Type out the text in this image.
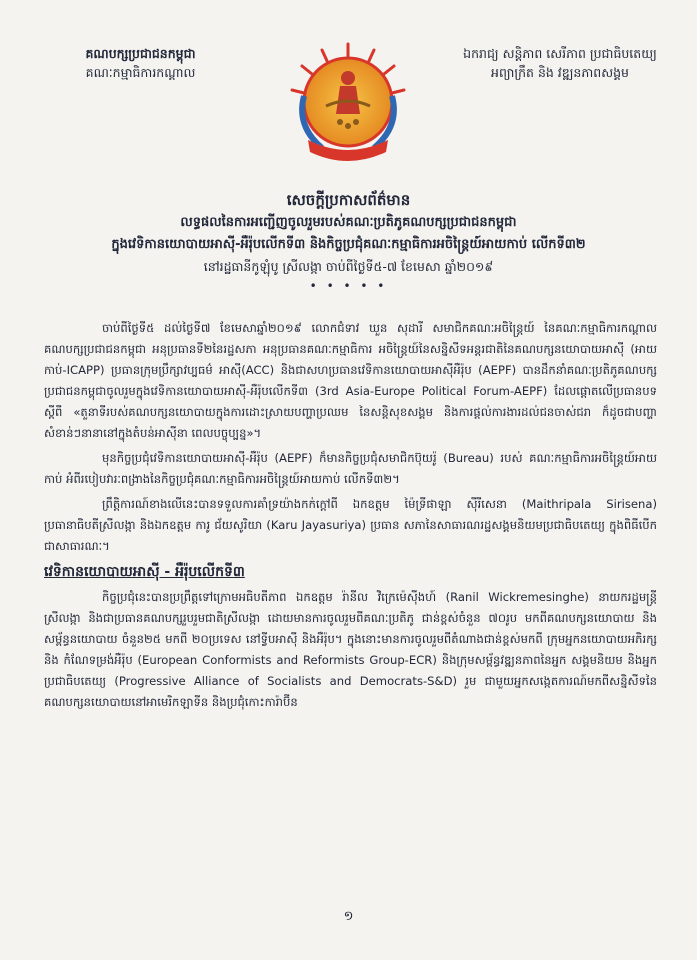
គណបក្សប្រជាជនកម្ពុជា
គណៈកម្មាធិការកណ្តាល
ឯករាជ្យ សន្តិភាព សេរីភាព ប្រជាធិបតេយ្យ
អព្យាក្រឹត និង វឌ្ឍនភាពសង្គម
សេចក្តីប្រកាសព័ត៌មាន
លទ្ធផលនៃការអញ្ជើញចូលរួមរបស់គណៈប្រតិភូគណបក្សប្រជាជនកម្ពុជា
ក្នុងវេទិកានយោបាយអាស៊ី-អឺរ៉ុបលើកទី៣ និងកិច្ចប្រជុំគណៈកម្មាធិការអចិន្ត្រៃយ៍អាយកាប់ លើកទី៣២
នៅរដ្ឋធានីកូឡុំបូ ស្រីលង្កា ចាប់ពីថ្ងៃទី៥-៧ ខែមេសា ឆ្នាំ២០១៩
• • • • •

ចាប់ពីថ្ងៃទី៥ ដល់ថ្ងៃទី៧ ខែមេសាឆ្នាំ២០១៩ លោកជំទាវ ឃួន សុដារី សមាជិកគណៈអចិន្ត្រៃយ៍ នៃគណៈកម្មាធិការកណ្តាល គណបក្សប្រជាជនកម្ពុជា អនុប្រធានទី២នៃរដ្ឋសភា អនុប្រធានគណៈកម្មាធិការ អចិន្ត្រៃយ៍នៃសន្និសីទអន្តរជាតិនៃគណបក្សនយោបាយអាស៊ី (អាយកាប់-ICAPP) ប្រធានក្រុមប្រឹក្សាវប្បធម៌ អាស៊ី(ACC) និងជាសហប្រធានវេទិកានយោបាយអាស៊ីអឺរ៉ុប (AEPF) បានដឹកនាំគណៈប្រតិភូគណបក្ស ប្រជាជនកម្ពុជាចូលរួមក្នុងវេទិកានយោបាយអាស៊ី-អឺរ៉ុបលើកទី៣ (3rd Asia-Europe Political Forum-AEPF) ដែលផ្តោតលើប្រធានបទស្តីពី «តួនាទីរបស់គណបក្សនយោបាយក្នុងការដោះស្រាយបញ្ហាប្រឈម នៃសន្តិសុខសង្គម និងការផ្តល់ការងារដល់ជនចាស់ជរា ក៏ដូចជាបញ្ហាសំខាន់ៗនានានៅក្នុងតំបន់អាស៊ីនា ពេលបច្ចុប្បន្ន»។

មុនកិច្ចប្រជុំវេទិកានយោបាយអាស៊ី-អឺរ៉ុប (AEPF) ក៏មានកិច្ចប្រជុំសមាជិកប៊ុយរ៉ូ (Bureau) របស់ គណៈកម្មាធិការអចិន្ត្រៃយ៍អាយកាប់ អំពីរបៀបវារៈពង្រាងនៃកិច្ចប្រជុំគណៈកម្មាធិការអចិន្ត្រៃយ៍អាយកាប់ លើកទី៣២។

ព្រឹត្តិការណ៍ខាងលើនេះបានទទួលការគាំទ្រយ៉ាងកក់ក្តៅពី ឯកឧត្តម ម៉ៃទ្រីផាឡា ស៊ីរីសេនា (Maithripala Sirisena) ប្រធានាធិបតីស្រីលង្កា និងឯកឧត្តម ការូ ជ័យសូរិយា (Karu Jayasuriya) ប្រធាន សភានៃសាធារណរដ្ឋសង្គមនិយមប្រជាធិបតេយ្យ ក្នុងពិធីបើកជាសាធារណៈ។

វេទិកានយោបាយអាស៊ី - អឺរ៉ុបលើកទី៣

កិច្ចប្រជុំនេះបានប្រព្រឹត្តទៅក្រោមអធិបតីភាព ឯកឧត្តម រ៉ានីល វិក្រេម៉េស៊ីងហ៍ (Ranil Wickremesinghe) នាយករដ្ឋមន្ត្រីស្រីលង្កា និងជាប្រធានគណបក្សរួបរួមជាតិស្រីលង្កា ដោយមានការចូលរួមពីគណៈប្រតិភូ ជាន់ខ្ពស់ចំនួន ៧០រូប មកពីគណបក្សនយោបាយ និងសម្ព័ន្ធនយោបាយ ចំនួន២៥ មកពី ២០ប្រទេស នៅទ្វីបអាស៊ី និងអឺរ៉ុប។ ក្នុងនោះមានការចូលរួមពីតំណាងជាន់ខ្ពស់មកពី ក្រុមអ្នកនយោបាយអភិរក្ស និង កំណែទម្រង់អឺរ៉ុប (European Conformists and Reformists Group-ECR) និងក្រុមសម្ព័ន្ធវឌ្ឍនភាពនៃអ្នក សង្គមនិយម និងអ្នកប្រជាធិបតេយ្យ (Progressive Alliance of Socialists and Democrats-S&D) រួម ជាមួយអ្នកសង្កេតការណ៍មកពីសន្និសីទនៃគណបក្សនយោបាយនៅអាមេរិកឡាទីន និងប្រជុំកោះការ៉ាប៊ីន

១
